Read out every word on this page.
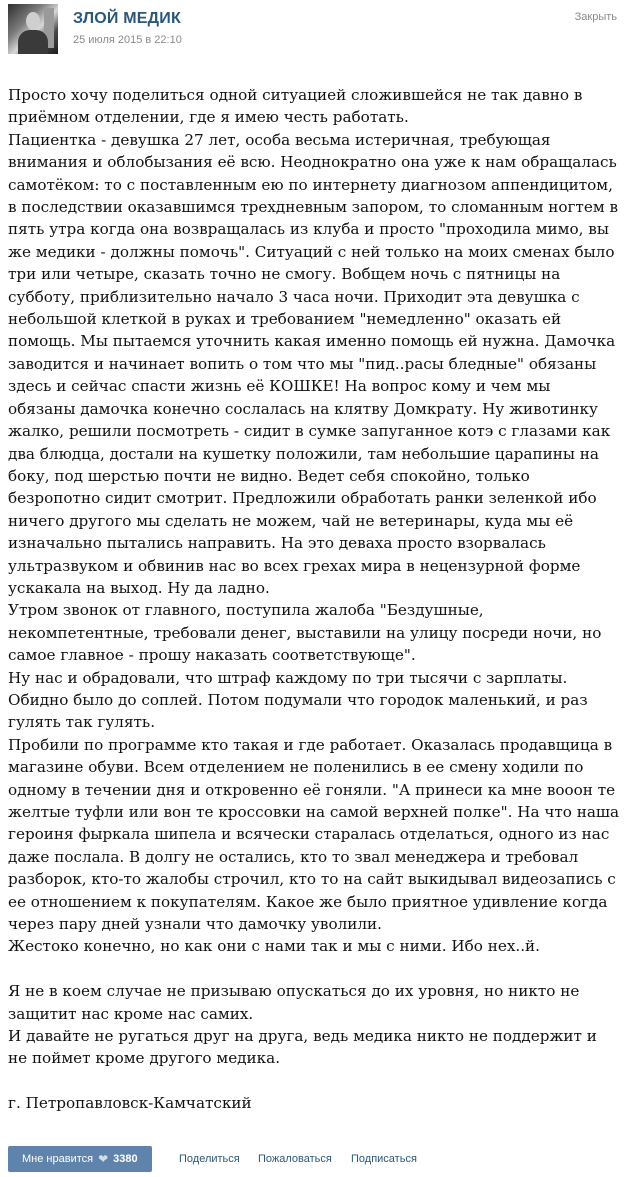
ЗЛОЙ МЕДИК
25 июля 2015 в 22:10
Закрыть

Просто хочу поделиться одной ситуацией сложившейся не так давно в приёмном отделении, где я имею честь работать.

Пациентка - девушка 27 лет, особа весьма истеричная, требующая внимания и облобызания её всю. Неоднократно она уже к нам обращалась самотёком: то с поставленным ею по интернету диагнозом аппендицитом, в последствии оказавшимся трехдневным запором, то сломанным ногтем в пять утра когда она возвращалась из клуба и просто "проходила мимо, вы же медики - должны помочь". Ситуаций с ней только на моих сменах было три или четыре, сказать точно не смогу. Вобщем ночь с пятницы на субботу, приблизительно начало 3 часа ночи. Приходит эта девушка с небольшой клеткой в руках и требованием "немедленно" оказать ей помощь. Мы пытаемся уточнить какая именно помощь ей нужна. Дамочка заводится и начинает вопить о том что мы "пид..расы бледные" обязаны здесь и сейчас спасти жизнь её КОШКЕ! На вопрос кому и чем мы обязаны дамочка конечно сослалась на клятву Домкрату. Ну животинку жалко, решили посмотреть - сидит в сумке запуганное котэ с глазами как два блюдца, достали на кушетку положили, там небольшие царапины на боку, под шерстью почти не видно. Ведет себя спокойно, только безропотно сидит смотрит. Предложили обработать ранки зеленкой ибо ничего другого мы сделать не можем, чай не ветеринары, куда мы её изначально пытались направить. На это деваха просто взорвалась ультразвуком и обвинив нас во всех грехах мира в нецензурной форме ускакала на выход. Ну да ладно.

Утром звонок от главного, поступила жалоба "Бездушные, некомпетентные, требовали денег, выставили на улицу посреди ночи, но самое главное - прошу наказать соответствующе".

Ну нас и обрадовали, что штраф каждому по три тысячи с зарплаты. Обидно было до соплей. Потом подумали что городок маленький, и раз гулять так гулять.

Пробили по программе кто такая и где работает. Оказалась продавщица в магазине обуви. Всем отделением не поленились в ее смену ходили по одному в течении дня и откровенно её гоняли. "А принеси ка мне вооон те желтые туфли или вон те кроссовки на самой верхней полке". На что наша героиня фыркала шипела и всячески старалась отделаться, одного из нас даже послала. В долгу не остались, кто то звал менеджера и требовал разборок, кто-то жалобы строчил, кто то на сайт выкидывал видеозапись с ее отношением к покупателям. Какое же было приятное удивление когда через пару дней узнали что дамочку уволили.

Жестоко конечно, но как они с нами так и мы с ними. Ибо нех..й.

Я не в коем случае не призываю опускаться до их уровня, но никто не защитит нас кроме нас самих.

И давайте не ругаться друг на друга, ведь медика никто не поддержит и не поймет кроме другого медика.

г. Петропавловск-Камчатский

Мне нравится ❤ 3380	Поделиться Пожаловаться Подписаться
